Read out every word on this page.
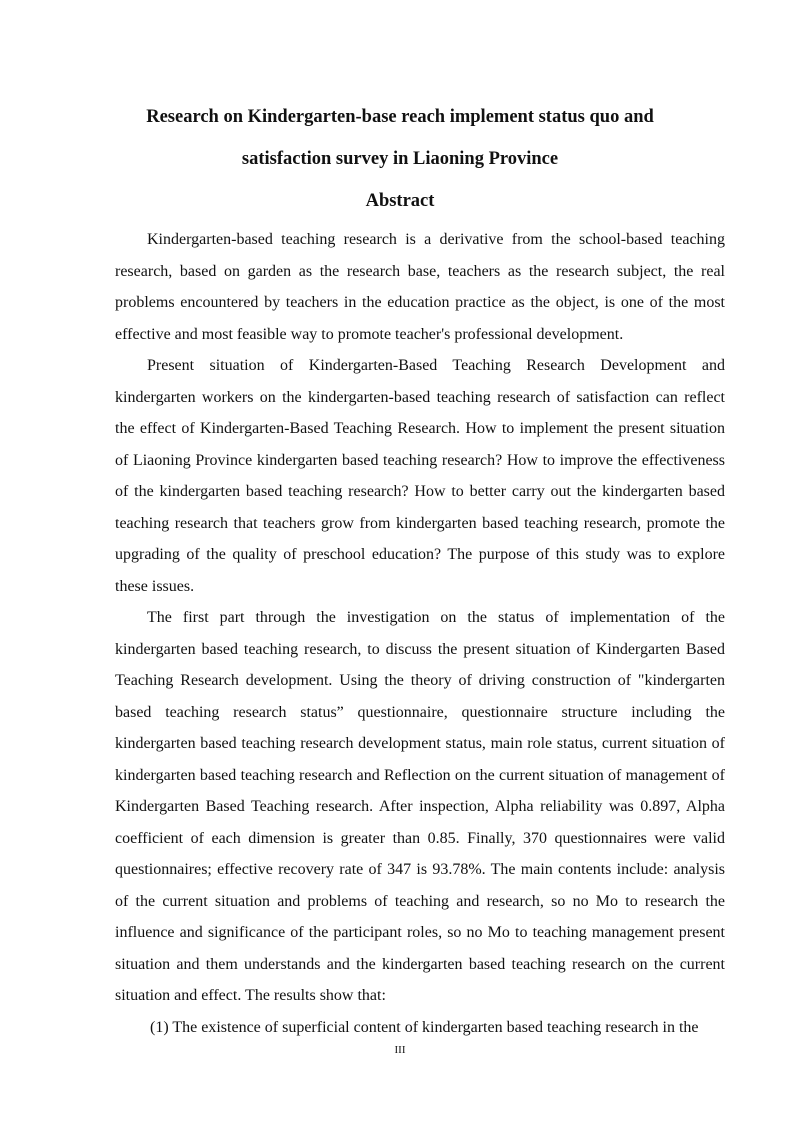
Research on Kindergarten-base reach implement status quo and
satisfaction survey in Liaoning Province
Abstract

Kindergarten-based teaching research is a derivative from the school-based teaching research, based on garden as the research base, teachers as the research subject, the real problems encountered by teachers in the education practice as the object, is one of the most effective and most feasible way to promote teacher's professional development.

Present situation of Kindergarten-Based Teaching Research Development and kindergarten workers on the kindergarten-based teaching research of satisfaction can reflect the effect of Kindergarten-Based Teaching Research. How to implement the present situation of Liaoning Province kindergarten based teaching research? How to improve the effectiveness of the kindergarten based teaching research? How to better carry out the kindergarten based teaching research that teachers grow from kindergarten based teaching research, promote the upgrading of the quality of preschool education? The purpose of this study was to explore these issues.

The first part through the investigation on the status of implementation of the kindergarten based teaching research, to discuss the present situation of Kindergarten Based Teaching Research development. Using the theory of driving construction of "kindergarten based teaching research status” questionnaire, questionnaire structure including the kindergarten based teaching research development status, main role status, current situation of kindergarten based teaching research and Reflection on the current situation of management of Kindergarten Based Teaching research. After inspection, Alpha reliability was 0.897, Alpha coefficient of each dimension is greater than 0.85. Finally, 370 questionnaires were valid questionnaires; effective recovery rate of 347 is 93.78%. The main contents include: analysis of the current situation and problems of teaching and research, so no Mo to research the influence and significance of the participant roles, so no Mo to teaching management present situation and them understands and the kindergarten based teaching research on the current situation and effect. The results show that:

(1) The existence of superficial content of kindergarten based teaching research in the

III
